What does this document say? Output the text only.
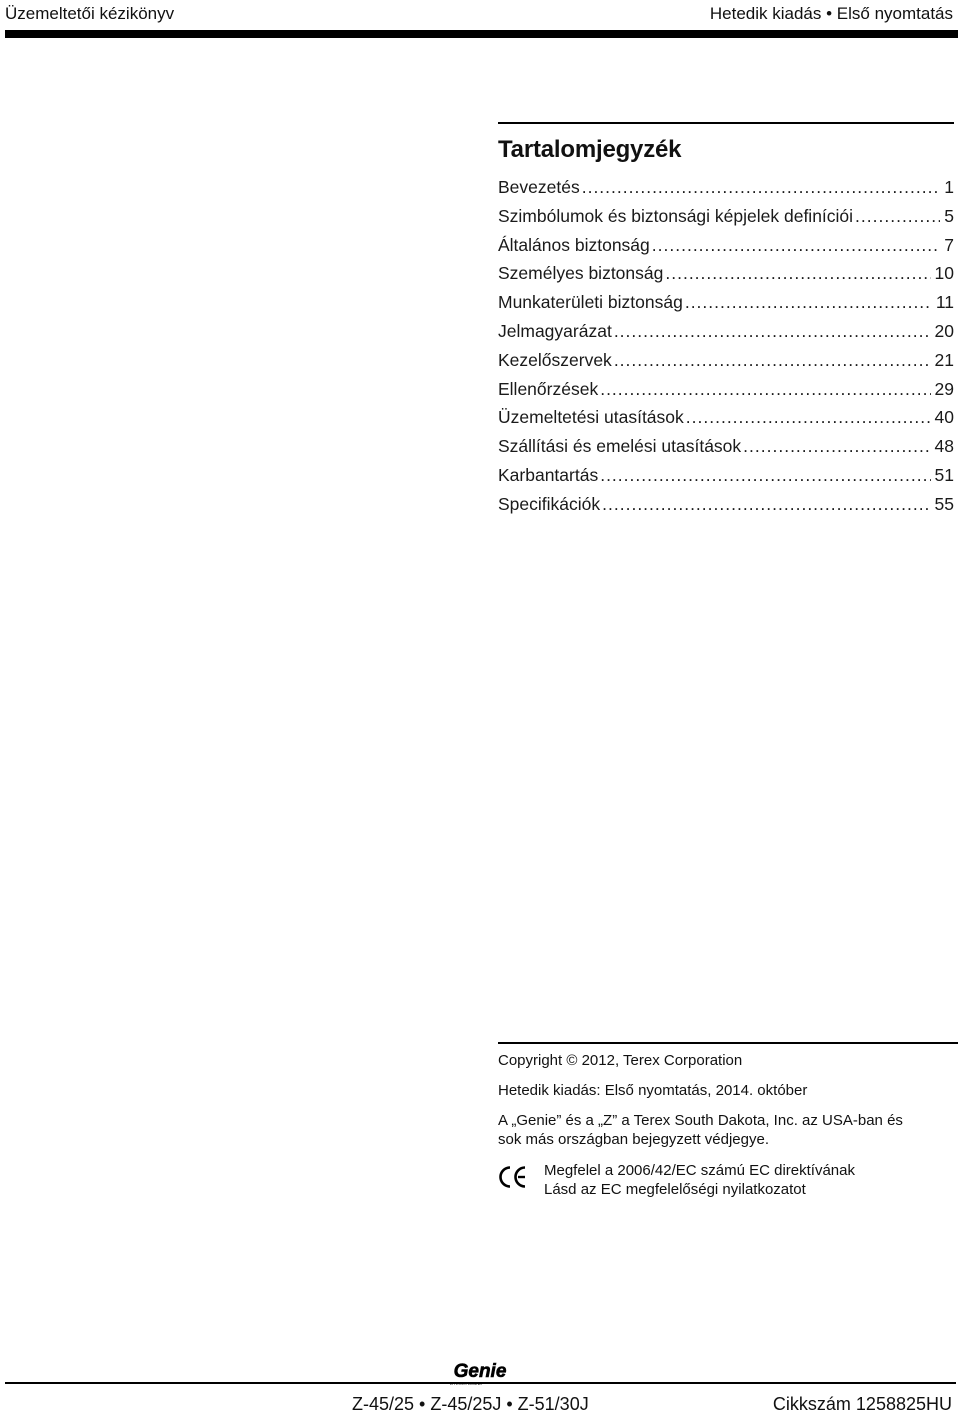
Üzemeltetői kézikönyv	Hetedik kiadás • Első nyomtatás
Tartalomjegyzék
Bevezetés .....	1
Szimbólumok és biztonsági képjelek definíciói .....	5
Általános biztonság .....	7
Személyes biztonság .....	10
Munkaterületi biztonság .....	11
Jelmagyarázat .....	20
Kezelőszervek .....	21
Ellenőrzések .....	29
Üzemeltetési utasítások .....	40
Szállítási és emelési utasítások .....	48
Karbantartás .....	51
Specifikációk .....	55

Copyright © 2012, Terex Corporation

Hetedik kiadás: Első nyomtatás, 2014. október

A „Genie” és a „Z” a Terex South Dakota, Inc. az USA-ban és

sok más országban bejegyzett védjegye.

Megfelel a 2006/42/EC számú EC direktívának

Lásd az EC megfelelőségi nyilatkozatot

Genie
Z-45/25 • Z-45/25J • Z-51/30J	Cikkszám 1258825HU
